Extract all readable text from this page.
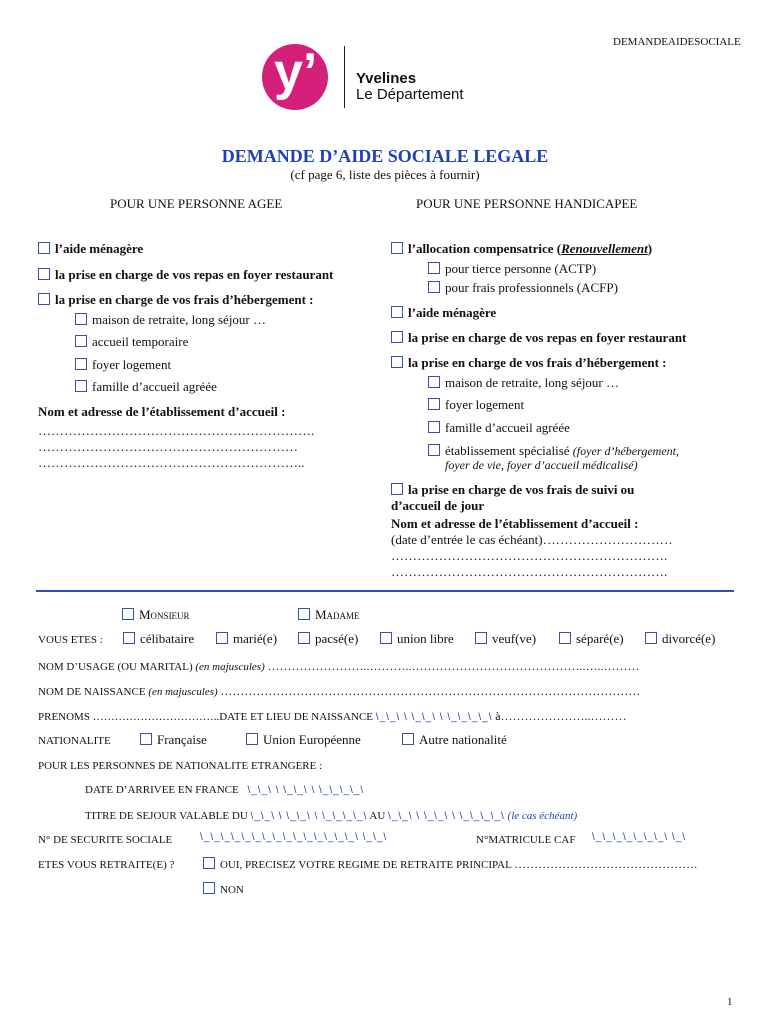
DEMANDEAIDESOCIALE
y’	Yvelines
Le Département
DEMANDE D’AIDE SOCIALE LEGALE
(cf page 6, liste des pièces à fournir)
POUR UNE PERSONNE AGEE	POUR UNE PERSONNE HANDICAPEE
l’aide ménagère
la prise en charge de vos repas en foyer restaurant
la prise en charge de vos frais d’hébergement :
maison de retraite, long séjour …
accueil temporaire
foyer logement
famille d’accueil agréée
Nom et adresse de l’établissement d’accueil :
……………………………………………………….
……………………………………………………
……………………………………………………..
l’allocation compensatrice (Renouvellement)
pour tierce personne (ACTP)
pour frais professionnels (ACFP)
l’aide ménagère
la prise en charge de vos repas en foyer restaurant
la prise en charge de vos frais d’hébergement :
maison de retraite, long séjour …
foyer logement
famille d’accueil agréée
établissement spécialisé (foyer d’hébergement,
foyer de vie, foyer d’accueil médicalisé)
la prise en charge de vos frais de suivi ou
d’accueil de jour
Nom et adresse de l’établissement d’accueil :
(date d’entrée le cas échéant)…………………………
……………………………………………………….
……………………………………………………….
Monsieur	Madame
VOUS ETES :	célibataire	marié(e)	pacsé(e)	union libre	veuf(ve)	séparé(e)	divorcé(e)
NOM D’USAGE (OU MARITAL) (en majuscules) ……………………..………..……………………………………..…..………
NOM DE NAISSANCE (en majuscules) ……………………………………………………………………………………………
PRENOMS ……………………………..DATE ET LIEU DE NAISSANCE \_\_\ \ \_\_\ \ \_\_\_\_\ à…………………..………
NATIONALITE	Française	Union Européenne	Autre nationalité
POUR LES PERSONNES DE NATIONALITE ETRANGERE :
DATE D’ARRIVEE EN FRANCE \_\_\ \ \_\_\ \ \_\_\_\_\
TITRE DE SEJOUR VALABLE DU \_\_\ \ \_\_\ \ \_\_\_\_\ AU \_\_\ \ \_\_\ \ \_\_\_\_\ (le cas échéant)
N° DE SECURITE SOCIALE	\_\_\_\_\_\_\_\_\_\_\_\_\_\_\_\ \_\_\	N°MATRICULE CAF \_\_\_\_\_\_\_\ \_\
ETES VOUS RETRAITE(E) ?	OUI, PRECISEZ VOTRE REGIME DE RETRAITE PRINCIPAL ……………………………………….
NON
1
